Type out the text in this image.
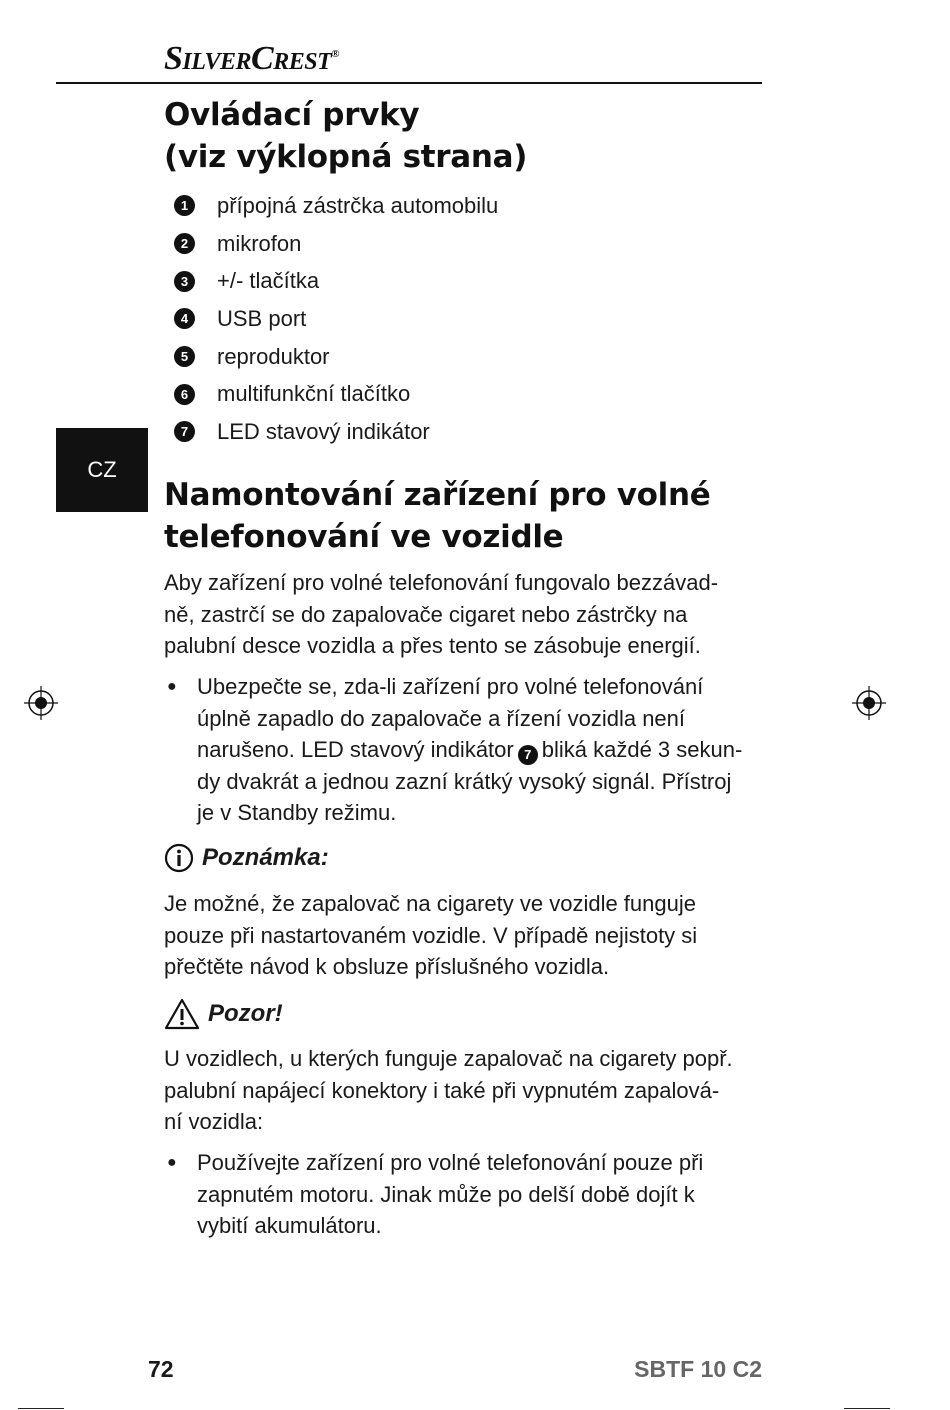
SilverCrest®
CZ
Ovládací prvky
(viz výklopná strana)
1	přípojná zástrčka automobilu
2	mikrofon
3	+/- tlačítka
4	USB port
5	reproduktor
6	multifunkční tlačítko
7	LED stavový indikátor
Namontování zařízení pro volné
telefonování ve vozidle
Aby zařízení pro volné telefonování fungovalo bezzávad-
ně, zastrčí se do zapalovače cigaret nebo zástrčky na
palubní desce vozidla a přes tento se zásobuje energií.
● Ubezpečte se, zda-li zařízení pro volné telefonování
úplně zapadlo do zapalovače a řízení vozidla není
narušeno. LED stavový indikátor 7 bliká každé 3 sekun-
dy dvakrát a jednou zazní krátký vysoký signál. Přístroj
je v Standby režimu.
Poznámka:
Je možné, že zapalovač na cigarety ve vozidle funguje
pouze při nastartovaném vozidle. V případě nejistoty si
přečtěte návod k obsluze příslušného vozidla.
Pozor!
U vozidlech, u kterých funguje zapalovač na cigarety popř.
palubní napájecí konektory i také při vypnutém zapalová-
ní vozidla:
● Používejte zařízení pro volné telefonování pouze při
zapnutém motoru. Jinak může po delší době dojít k
vybití akumulátoru.
72	SBTF 10 C2
